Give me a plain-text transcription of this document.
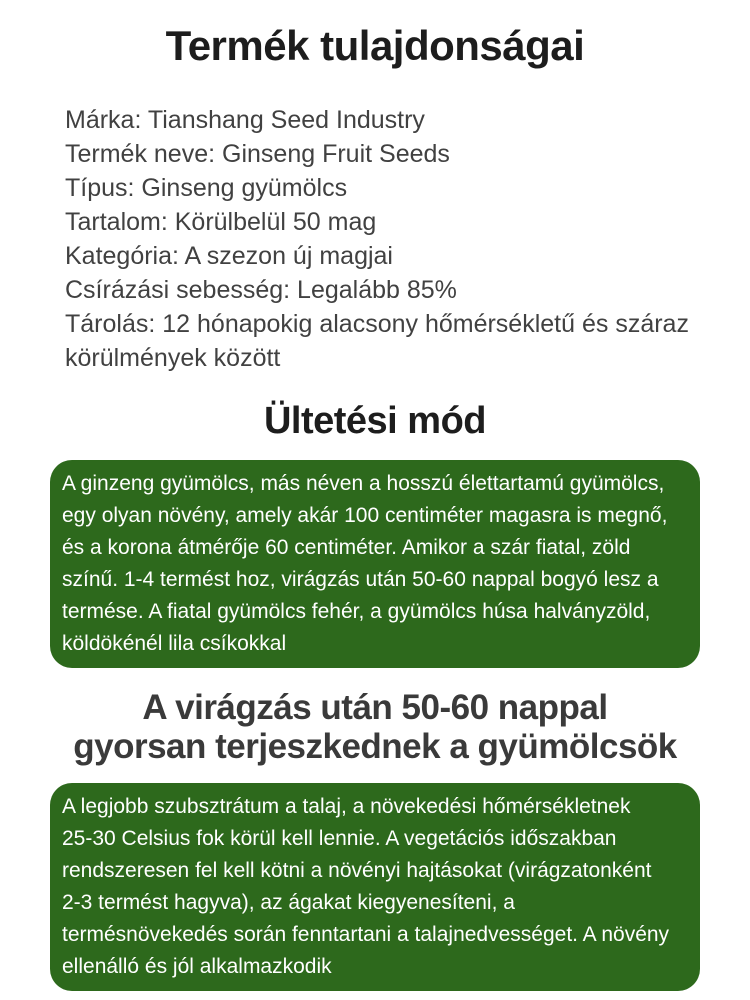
Termék tulajdonságai
Márka: Tianshang Seed Industry
Termék neve: Ginseng Fruit Seeds
Típus: Ginseng gyümölcs
Tartalom: Körülbelül 50 mag
Kategória: A szezon új magjai
Csírázási sebesség: Legalább 85%
Tárolás: 12 hónapokig alacsony hőmérsékletű és száraz körülmények között
Ültetési mód
A ginzeng gyümölcs, más néven a hosszú élettartamú gyümölcs,
egy olyan növény, amely akár 100 centiméter magasra is megnő,
és a korona átmérője 60 centiméter. Amikor a szár fiatal, zöld
színű. 1-4 termést hoz, virágzás után 50-60 nappal bogyó lesz a
termése. A fiatal gyümölcs fehér, a gyümölcs húsa halványzöld,
köldökénél lila csíkokkal
A virágzás után 50-60 nappal
gyorsan terjeszkednek a gyümölcsök
A legjobb szubsztrátum a talaj, a növekedési hőmérsékletnek
25-30 Celsius fok körül kell lennie. A vegetációs időszakban
rendszeresen fel kell kötni a növényi hajtásokat (virágzatonként
2-3 termést hagyva), az ágakat kiegyenesíteni, a
termésnövekedés során fenntartani a talajnedvességet. A növény
ellenálló és jól alkalmazkodik
